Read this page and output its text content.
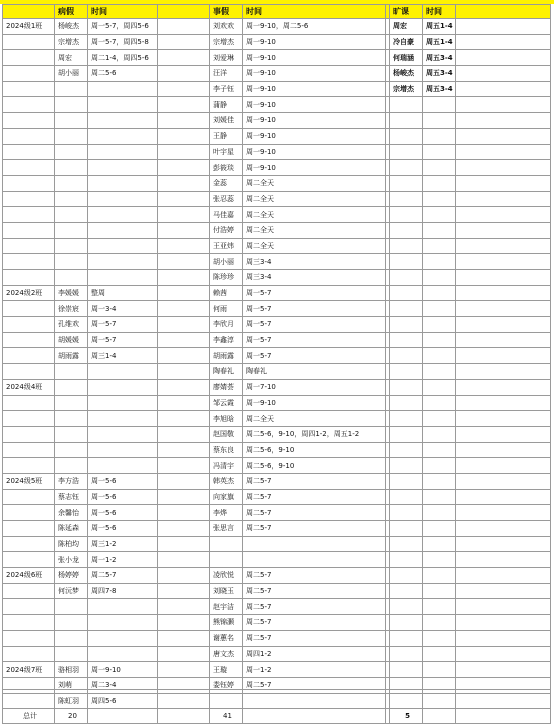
	病假	时间		事假	时间		旷课	时间	
2024级1班	杨峻杰	周一5-7，周四5-6		刘欢欢	周一9-10，周二5-6		周宏	周五1-4	
	宗增杰	周一5-7，周四5-8		宗增杰	周一9-10		冷自豪	周五1-4	
	周宏	周二1-4，周四5-6		刘爱琳	周一9-10		何瑞涵	周五3-4	
	胡小丽	周二5-6		汪洋	周一9-10		杨峻杰	周五3-4	
				李子钰	周一9-10		宗增杰	周五3-4	
				蒲静	周一9-10				
				刘媛佳	周一9-10				
				王静	周一9-10				
				叶宇星	周一9-10				
				彭筱琰	周一9-10				
				金蕊	周二全天				
				张忍蕊	周二全天				
				马佳嘉	周二全天				
				付浩婷	周二全天				
				王亚炜	周二全天				
				胡小丽	周三3-4				
				陈珍珍	周三3-4				
2024级2班	李媛媛	整周		赖茜	周一5-7				
	徐崇宸	周一3-4		何雨	周一5-7				
	孔维欢	周一5-7		李欣月	周一5-7				
	胡媛媛	周一5-7		李鑫淳	周一5-7				
	胡雨露	周三1-4		胡雨露	周一5-7				
				陶春礼	陶春礼				
2024级4班				廖婧荟	周一7-10				
				邹云霞	周一9-10				
				李旭晗	周二全天				
				赵国敬	周二5-6，9-10，周四1-2，周五1-2				
				蔡东良	周二5-6，9-10				
				冯清宇	周二5-6，9-10				
2024级5班	李方浩	周一5-6		韩英杰	周二5-7				
	蔡志钰	周一5-6		向家旗	周二5-7				
	余馨怡	周一5-6		李烨	周二5-7				
	陈延森	周一5-6		张思言	周二5-7				
	陈柏均	周三1-2							
	张小龙	周一1-2							
2024级6班	杨婷婷	周二5-7		凌欣悦	周二5-7				
	何沅梦	周四7-8		刘晓玉	周二5-7				
				赵宇洁	周二5-7				
				熊锦灏	周二5-7				
				谢蕙名	周二5-7				
				唐文杰	周四1-2				
2024级7班	骆相羽	周一9-10		王璇	周一1-2				
	刘萌	周二3-4		娄钰婷	周二5-7				
	陈虹羽	周四5-6							
总计	20			41			5		
